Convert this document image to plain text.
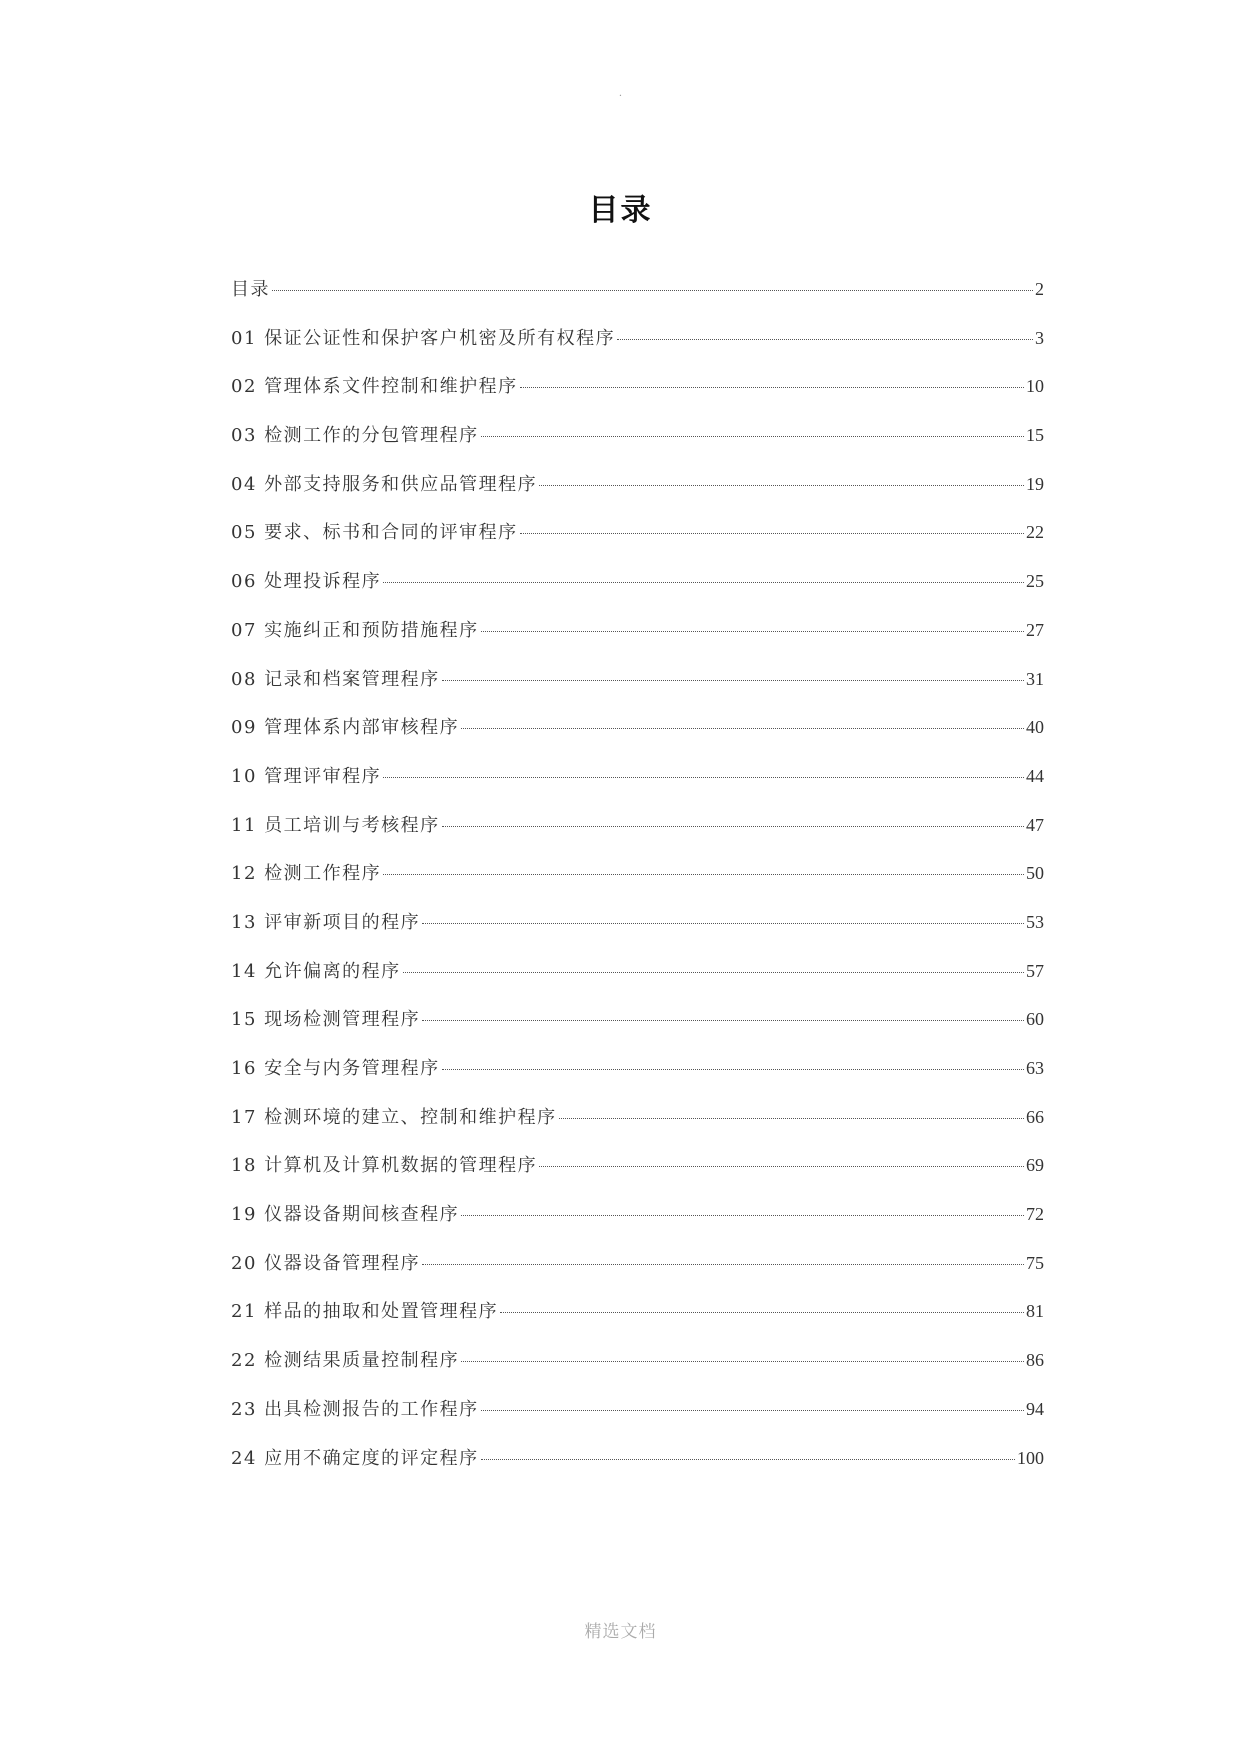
·
目录
目录	2
01 保证公证性和保护客户机密及所有权程序	3
02 管理体系文件控制和维护程序	10
03 检测工作的分包管理程序	15
04 外部支持服务和供应品管理程序	19
05 要求、标书和合同的评审程序	22
06 处理投诉程序	25
07 实施纠正和预防措施程序	27
08 记录和档案管理程序	31
09 管理体系内部审核程序	40
10 管理评审程序	44
11 员工培训与考核程序	47
12 检测工作程序	50
13 评审新项目的程序	53
14 允许偏离的程序	57
15 现场检测管理程序	60
16 安全与内务管理程序	63
17 检测环境的建立、控制和维护程序	66
18 计算机及计算机数据的管理程序	69
19 仪器设备期间核查程序	72
20 仪器设备管理程序	75
21 样品的抽取和处置管理程序	81
22 检测结果质量控制程序	86
23 出具检测报告的工作程序	94
24 应用不确定度的评定程序	100
精选文档
